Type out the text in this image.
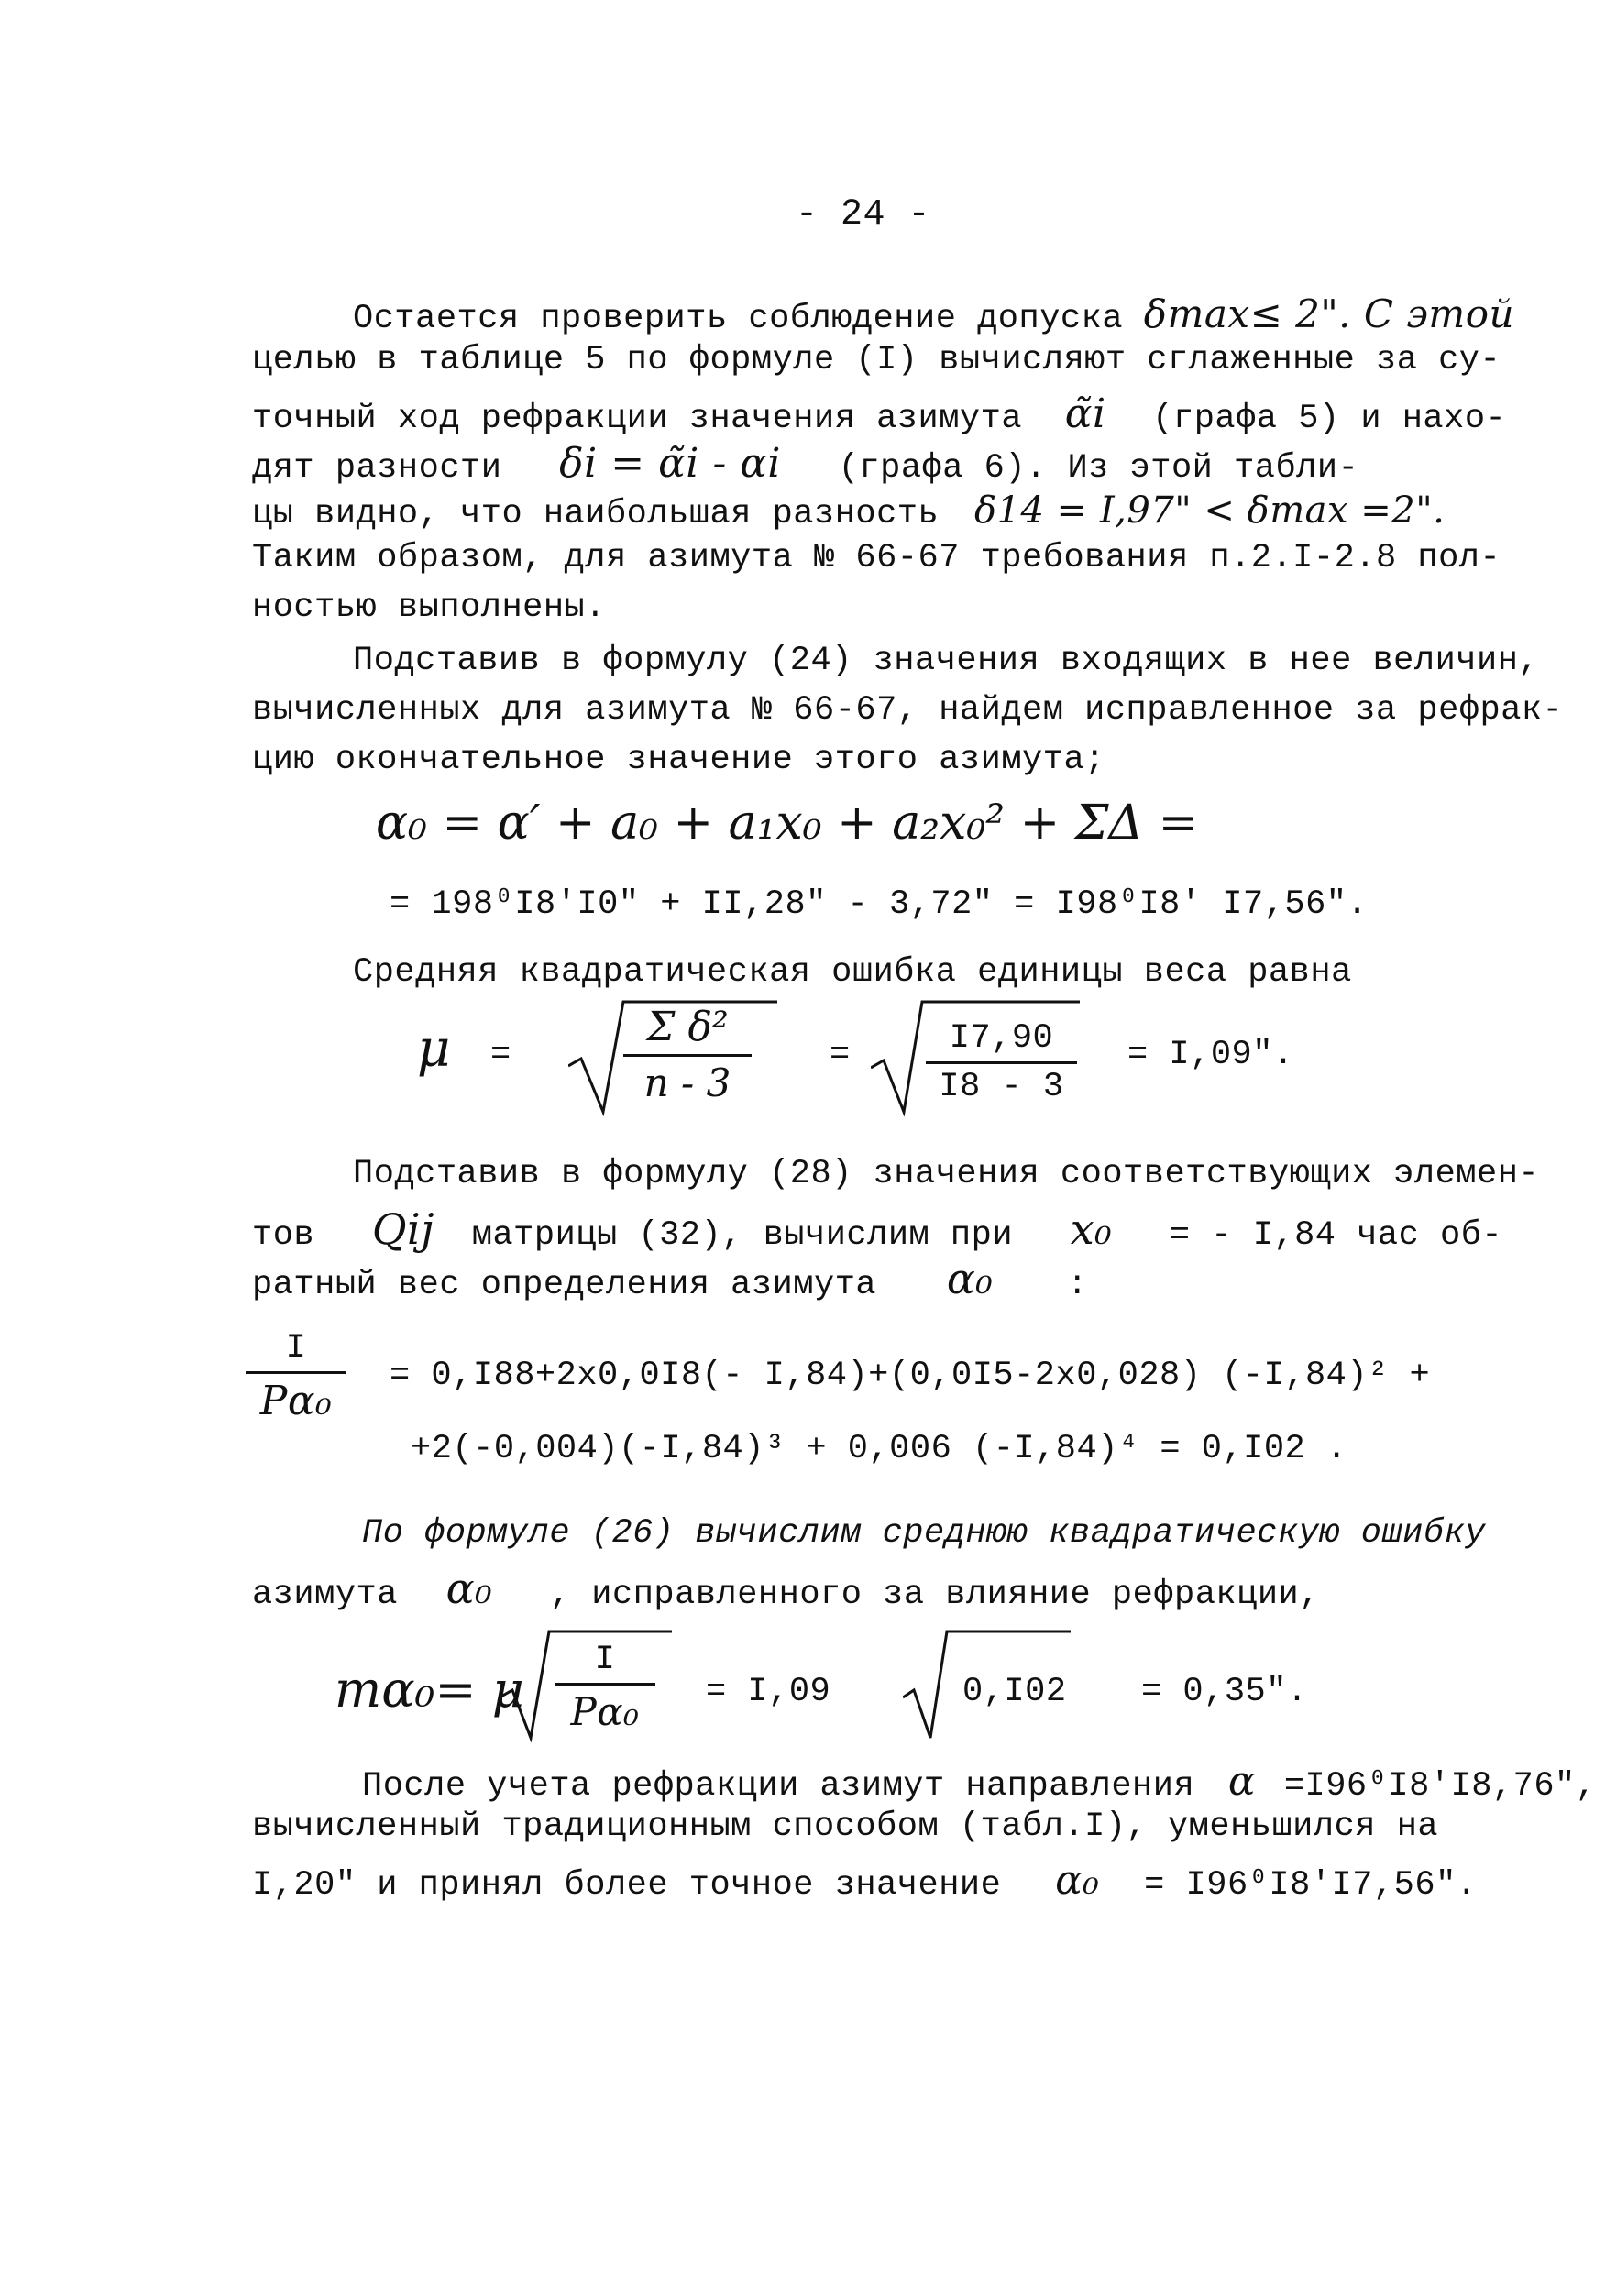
- 24 -
Остается проверить соблюдение допуска δmax≤ 2". С этой
целью в таблице 5 по формуле (I) вычисляют сглаженные за су-
точный ход рефракции значения азимута α̃i (графа 5) и нахо-
дят разности δi = α̃i - αi (графа 6). Из этой табли-
цы видно, что наибольшая разность δ14 = I,97" < δmax =2".
Таким образом, для азимута № 66-67 требования п.2.I-2.8 пол-
ностью выполнены.
Подставив в формулу (24) значения входящих в нее величин,
вычисленных для азимута № 66-67, найдем исправленное за рефрак-
цию окончательное значение этого азимута;
α₀ = α′ + a₀ + a₁x₀ + a₂x₀² + ΣΔ =
= 198⁰I8′I0" + II,28" - 3,72" = I98⁰I8′ I7,56".
Средняя квадратическая ошибка единицы веса равна
μ =
Σ δ²
n - 3
=	I7,90
I8 - 3
= I,09".
Подставив в формулу (28) значения соответствующих элемен-
тов Qij матрицы (32), вычислим при x₀ = - I,84 час об-
ратный вес определения азимута α₀ :
I
Pα₀
= 0,I88+2x0,0I8(- I,84)+(0,0I5-2x0,028) (-I,84)² +
+2(-0,004)(-I,84)³ + 0,006 (-I,84)⁴ = 0,I02 .
По формуле (26) вычислим среднюю квадратическую ошибку
азимута α₀ , исправленного за влияние рефракции,
mα₀= μ
I
Pα₀	= I,09	0,I02 = 0,35".
После учета рефракции азимут направления α =I96⁰I8′I8,76",
вычисленный традиционным способом (табл.I), уменьшился на
I,20" и принял более точное значение α₀ = I96⁰I8′I7,56".
